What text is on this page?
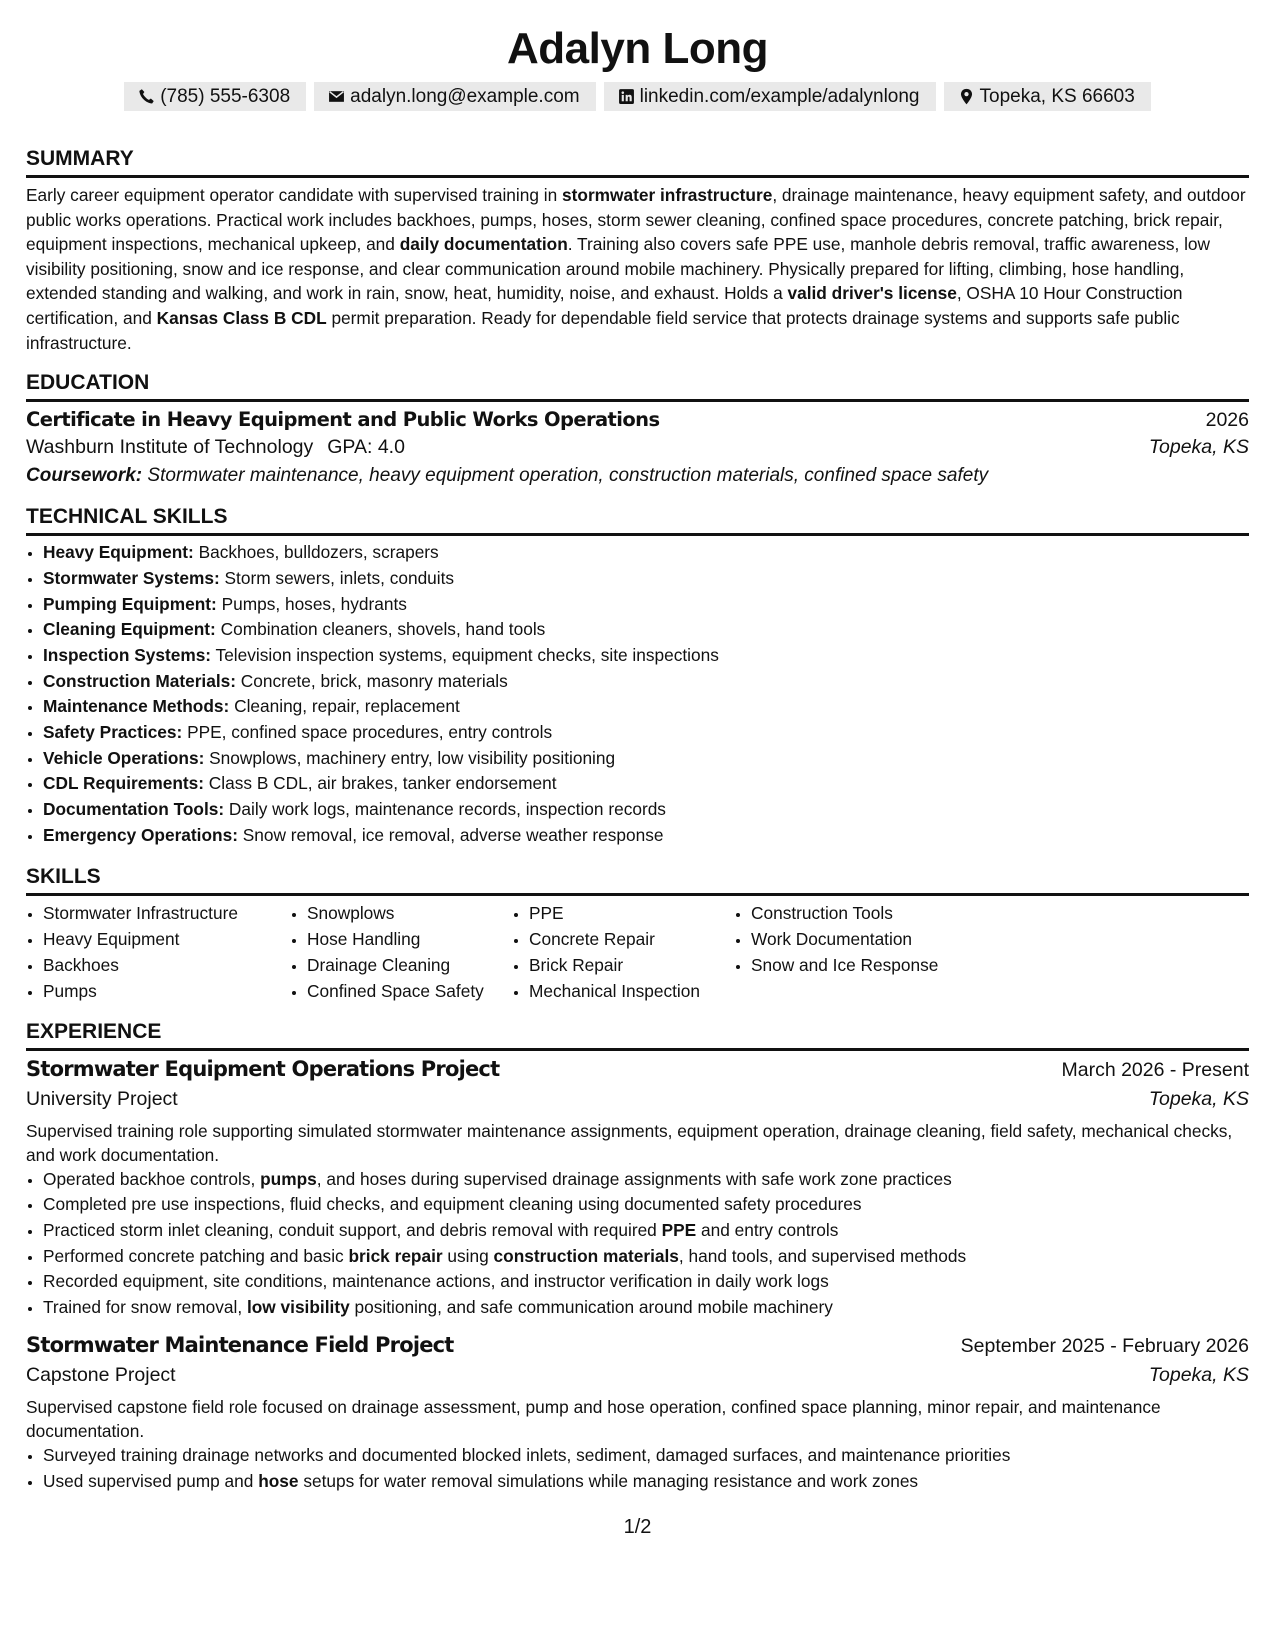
Adalyn Long
(785) 555-6308	adalyn.long@example.com	linkedin.com/example/adalynlong	Topeka, KS 66603
SUMMARY

Early career equipment operator candidate with supervised training in stormwater infrastructure, drainage maintenance, heavy equipment safety, and outdoor public works operations. Practical work includes backhoes, pumps, hoses, storm sewer cleaning, confined space procedures, concrete patching, brick repair, equipment inspections, mechanical upkeep, and daily documentation. Training also covers safe PPE use, manhole debris removal, traffic awareness, low visibility positioning, snow and ice response, and clear communication around mobile machinery. Physically prepared for lifting, climbing, hose handling, extended standing and walking, and work in rain, snow, heat, humidity, noise, and exhaust. Holds a valid driver's license, OSHA 10 Hour Construction certification, and Kansas Class B CDL permit preparation. Ready for dependable field service that protects drainage systems and supports safe public infrastructure.

EDUCATION
Certificate in Heavy Equipment and Public Works Operations	2026
Washburn Institute of Technology GPA: 4.0	Topeka, KS
Coursework: Stormwater maintenance, heavy equipment operation, construction materials, confined space safety
TECHNICAL SKILLS
• Heavy Equipment: Backhoes, bulldozers, scrapers
• Stormwater Systems: Storm sewers, inlets, conduits
• Pumping Equipment: Pumps, hoses, hydrants
• Cleaning Equipment: Combination cleaners, shovels, hand tools
• Inspection Systems: Television inspection systems, equipment checks, site inspections
• Construction Materials: Concrete, brick, masonry materials
• Maintenance Methods: Cleaning, repair, replacement
• Safety Practices: PPE, confined space procedures, entry controls
• Vehicle Operations: Snowplows, machinery entry, low visibility positioning
• CDL Requirements: Class B CDL, air brakes, tanker endorsement
• Documentation Tools: Daily work logs, maintenance records, inspection records
• Emergency Operations: Snow removal, ice removal, adverse weather response
SKILLS
• Stormwater Infrastructure
• Heavy Equipment
• Backhoes
• Pumps
• Snowplows
• Hose Handling
• Drainage Cleaning
• Confined Space Safety
• PPE
• Concrete Repair
• Brick Repair
• Mechanical Inspection
• Construction Tools
• Work Documentation
• Snow and Ice Response
EXPERIENCE
Stormwater Equipment Operations Project	March 2026 - Present
University Project	Topeka, KS

Supervised training role supporting simulated stormwater maintenance assignments, equipment operation, drainage cleaning, field safety, mechanical checks, and work documentation.

• Operated backhoe controls, pumps, and hoses during supervised drainage assignments with safe work zone practices
• Completed pre use inspections, fluid checks, and equipment cleaning using documented safety procedures
• Practiced storm inlet cleaning, conduit support, and debris removal with required PPE and entry controls
• Performed concrete patching and basic brick repair using construction materials, hand tools, and supervised methods
• Recorded equipment, site conditions, maintenance actions, and instructor verification in daily work logs
• Trained for snow removal, low visibility positioning, and safe communication around mobile machinery
Stormwater Maintenance Field Project	September 2025 - February 2026
Capstone Project	Topeka, KS

Supervised capstone field role focused on drainage assessment, pump and hose operation, confined space planning, minor repair, and maintenance documentation.

• Surveyed training drainage networks and documented blocked inlets, sediment, damaged surfaces, and maintenance priorities
• Used supervised pump and hose setups for water removal simulations while managing resistance and work zones
1/2
